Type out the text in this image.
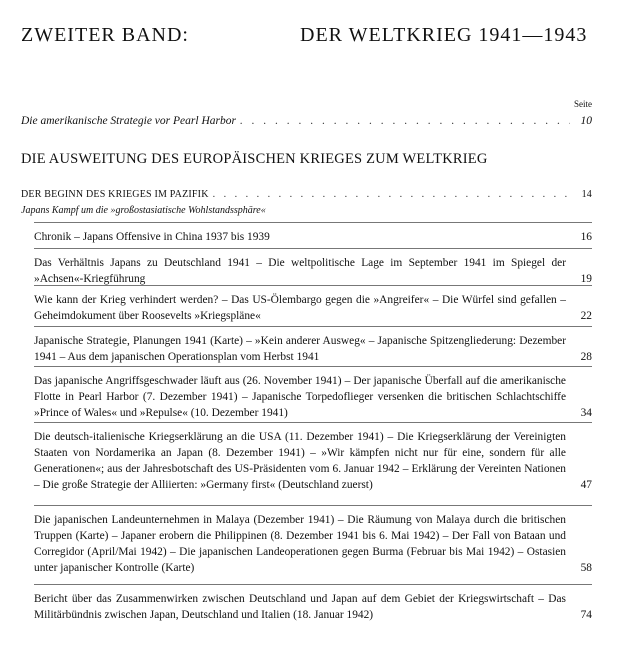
ZWEITER BAND:	DER WELTKRIEG 1941—1943
Seite
Die amerikanische Strategie vor Pearl Harbor . . .	10
DIE AUSWEITUNG DES EUROPÄISCHEN KRIEGES ZUM WELTKRIEG
DER BEGINN DES KRIEGES IM PAZIFIK . . .	14
Japans Kampf um die »großostasiatische Wohlstandssphäre«
Chronik – Japans Offensive in China 1937 bis 1939	16
Das Verhältnis Japans zu Deutschland 1941 – Die weltpolitische Lage im September 1941 im Spiegel der »Achsen«-Kriegführung	19
Wie kann der Krieg verhindert werden? – Das US-Ölembargo gegen die »Angreifer« – Die Würfel sind gefallen – Geheimdokument über Roosevelts »Kriegspläne«	22
Japanische Strategie, Planungen 1941 (Karte) – »Kein anderer Ausweg« – Japanische Spitzengliederung: Dezember 1941 – Aus dem japanischen Operationsplan vom Herbst 1941	28
Das japanische Angriffsgeschwader läuft aus (26. November 1941) – Der japanische Überfall auf die amerikanische Flotte in Pearl Harbor (7. Dezember 1941) – Japanische Torpedoflieger versenken die britischen Schlachtschiffe »Prince of Wales« und »Repulse« (10. Dezember 1941)	34
Die deutsch-italienische Kriegserklärung an die USA (11. Dezember 1941) – Die Kriegserklärung der Vereinigten Staaten von Nordamerika an Japan (8. Dezember 1941) – »Wir kämpfen nicht nur für eine, sondern für alle Generationen«; aus der Jahresbotschaft des US-Präsidenten vom 6. Januar 1942 – Erklärung der Vereinten Nationen – Die große Strategie der Alliierten: »Germany first« (Deutschland zuerst)	47
Die japanischen Landeunternehmen in Malaya (Dezember 1941) – Die Räumung von Malaya durch die britischen Truppen (Karte) – Japaner erobern die Philippinen (8. Dezember 1941 bis 6. Mai 1942) – Der Fall von Bataan und Corregidor (April/Mai 1942) – Die japanischen Landeoperationen gegen Burma (Februar bis Mai 1942) – Ostasien unter japanischer Kontrolle (Karte)	58
Bericht über das Zusammenwirken zwischen Deutschland und Japan auf dem Gebiet der Kriegswirtschaft – Das Militärbündnis zwischen Japan, Deutschland und Italien (18. Januar 1942)	74
